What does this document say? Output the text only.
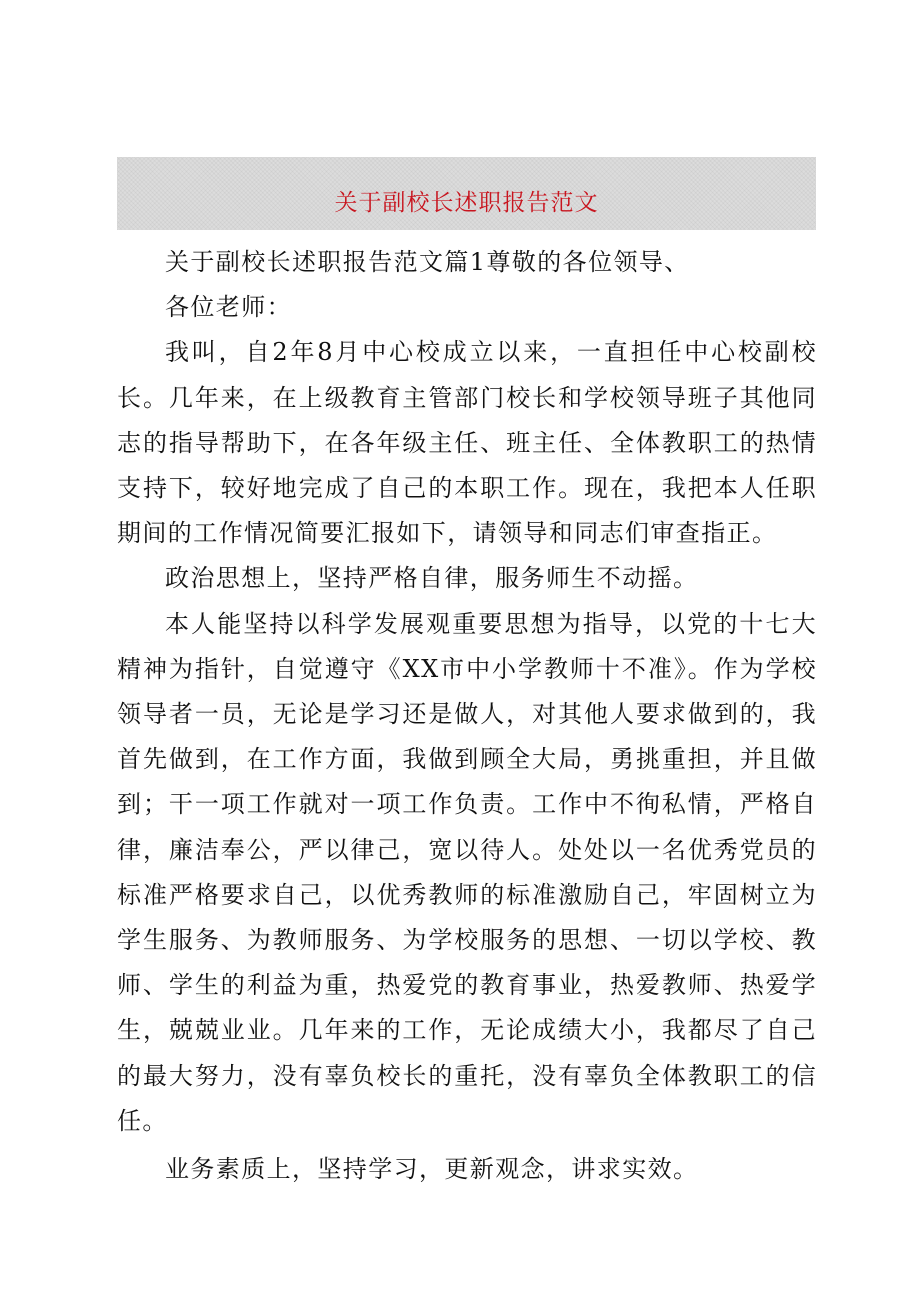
关于副校长述职报告范文

关于副校长述职报告范文篇1尊敬的各位领导、

各位老师：

我叫，自2年8月中心校成立以来，一直担任中心校副校长。几年来，在上级教育主管部门校长和学校领导班子其他同志的指导帮助下，在各年级主任、班主任、全体教职工的热情支持下，较好地完成了自己的本职工作。现在，我把本人任职期间的工作情况简要汇报如下，请领导和同志们审查指正。

政治思想上，坚持严格自律，服务师生不动摇。

本人能坚持以科学发展观重要思想为指导，以党的十七大精神为指针，自觉遵守《XX市中小学教师十不准》。作为学校领导者一员，无论是学习还是做人，对其他人要求做到的，我首先做到，在工作方面，我做到顾全大局，勇挑重担，并且做到；干一项工作就对一项工作负责。工作中不徇私情，严格自律，廉洁奉公，严以律己，宽以待人。处处以一名优秀党员的标准严格要求自己，以优秀教师的标准激励自己，牢固树立为学生服务、为教师服务、为学校服务的思想、一切以学校、教师、学生的利益为重，热爱党的教育事业，热爱教师、热爱学生，兢兢业业。几年来的工作，无论成绩大小，我都尽了自己的最大努力，没有辜负校长的重托，没有辜负全体教职工的信任。

业务素质上，坚持学习，更新观念，讲求实效。
